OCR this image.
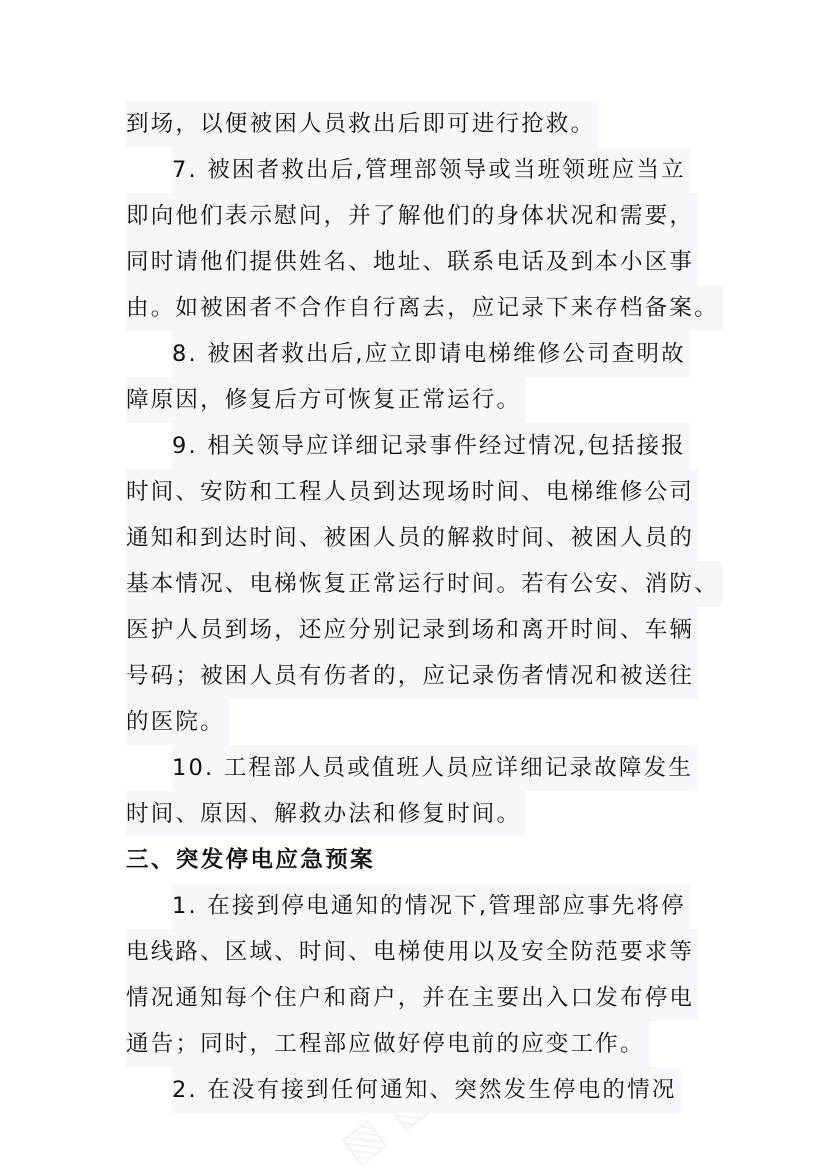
到场，以便被困人员救出后即可进行抢救。
7. 被困者救出后,管理部领导或当班领班应当立
即向他们表示慰问，并了解他们的身体状况和需要，
同时请他们提供姓名、地址、联系电话及到本小区事
由。如被困者不合作自行离去，应记录下来存档备案。
8. 被困者救出后,应立即请电梯维修公司查明故
障原因，修复后方可恢复正常运行。
9. 相关领导应详细记录事件经过情况,包括接报
时间、安防和工程人员到达现场时间、电梯维修公司
通知和到达时间、被困人员的解救时间、被困人员的
基本情况、电梯恢复正常运行时间。若有公安、消防、
医护人员到场，还应分别记录到场和离开时间、车辆
号码；被困人员有伤者的，应记录伤者情况和被送往
的医院。
10. 工程部人员或值班人员应详细记录故障发生
时间、原因、解救办法和修复时间。
三、突发停电应急预案
1. 在接到停电通知的情况下,管理部应事先将停
电线路、区域、时间、电梯使用以及安全防范要求等
情况通知每个住户和商户，并在主要出入口发布停电
通告；同时，工程部应做好停电前的应变工作。
2. 在没有接到任何通知、突然发生停电的情况
